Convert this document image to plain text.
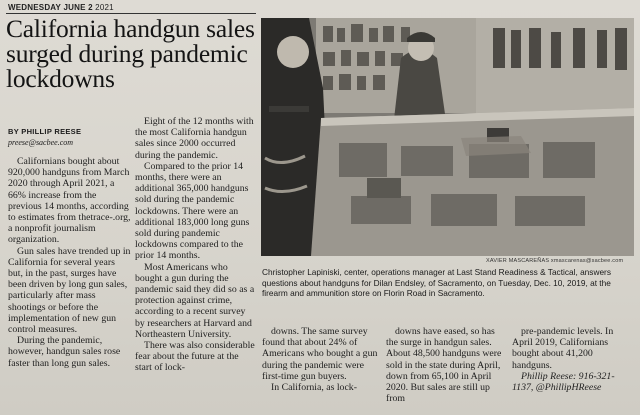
WEDNESDAY JUNE 2 2021
California handgun sales surged during pandemic lockdowns
BY PHILLIP REESE
preese@sacbee.com

Californians bought about 920,000 handguns from March 2020 through April 2021, a 66% increase from the previous 14 months, according to estimates from thetrace-.org, a nonprofit journalism organization.

Gun sales have trended up in California for several years but, in the past, surges have been driven by long gun sales, particularly after mass shootings or before the implementation of new gun control measures.

During the pandemic, however, handgun sales rose faster than long gun sales.

Eight of the 12 months with the most California handgun sales since 2000 occurred during the pandemic.

Compared to the prior 14 months, there were an additional 365,000 handguns sold during the pandemic lockdowns. There were an additional 183,000 long guns sold during pandemic lockdowns compared to the prior 14 months.

Most Americans who bought a gun during the pandemic said they did so as a protection against crime, according to a recent survey by researchers at Harvard and Northeastern University.

There was also considerable fear about the future at the start of lock-

XAVIER MASCAREÑAS xmascarenas@sacbee.com
Christopher Lapiniski, center, operations manager at Last Stand Readiness & Tactical, answers questions about handguns for Dilan Endsley, of Sacramento, on Tuesday, Dec. 10, 2019, at the firearm and ammunition store on Florin Road in Sacramento.

downs. The same survey found that about 24% of Americans who bought a gun during the pandemic were first-time gun buyers.

In California, as lock-

downs have eased, so has the surge in handgun sales. About 48,500 handguns were sold in the state during April, down from 65,100 in April 2020. But sales are still up from

pre-pandemic levels. In April 2019, Californians bought about 41,200 handguns.

Phillip Reese: 916-321-1137, @PhillipHReese
